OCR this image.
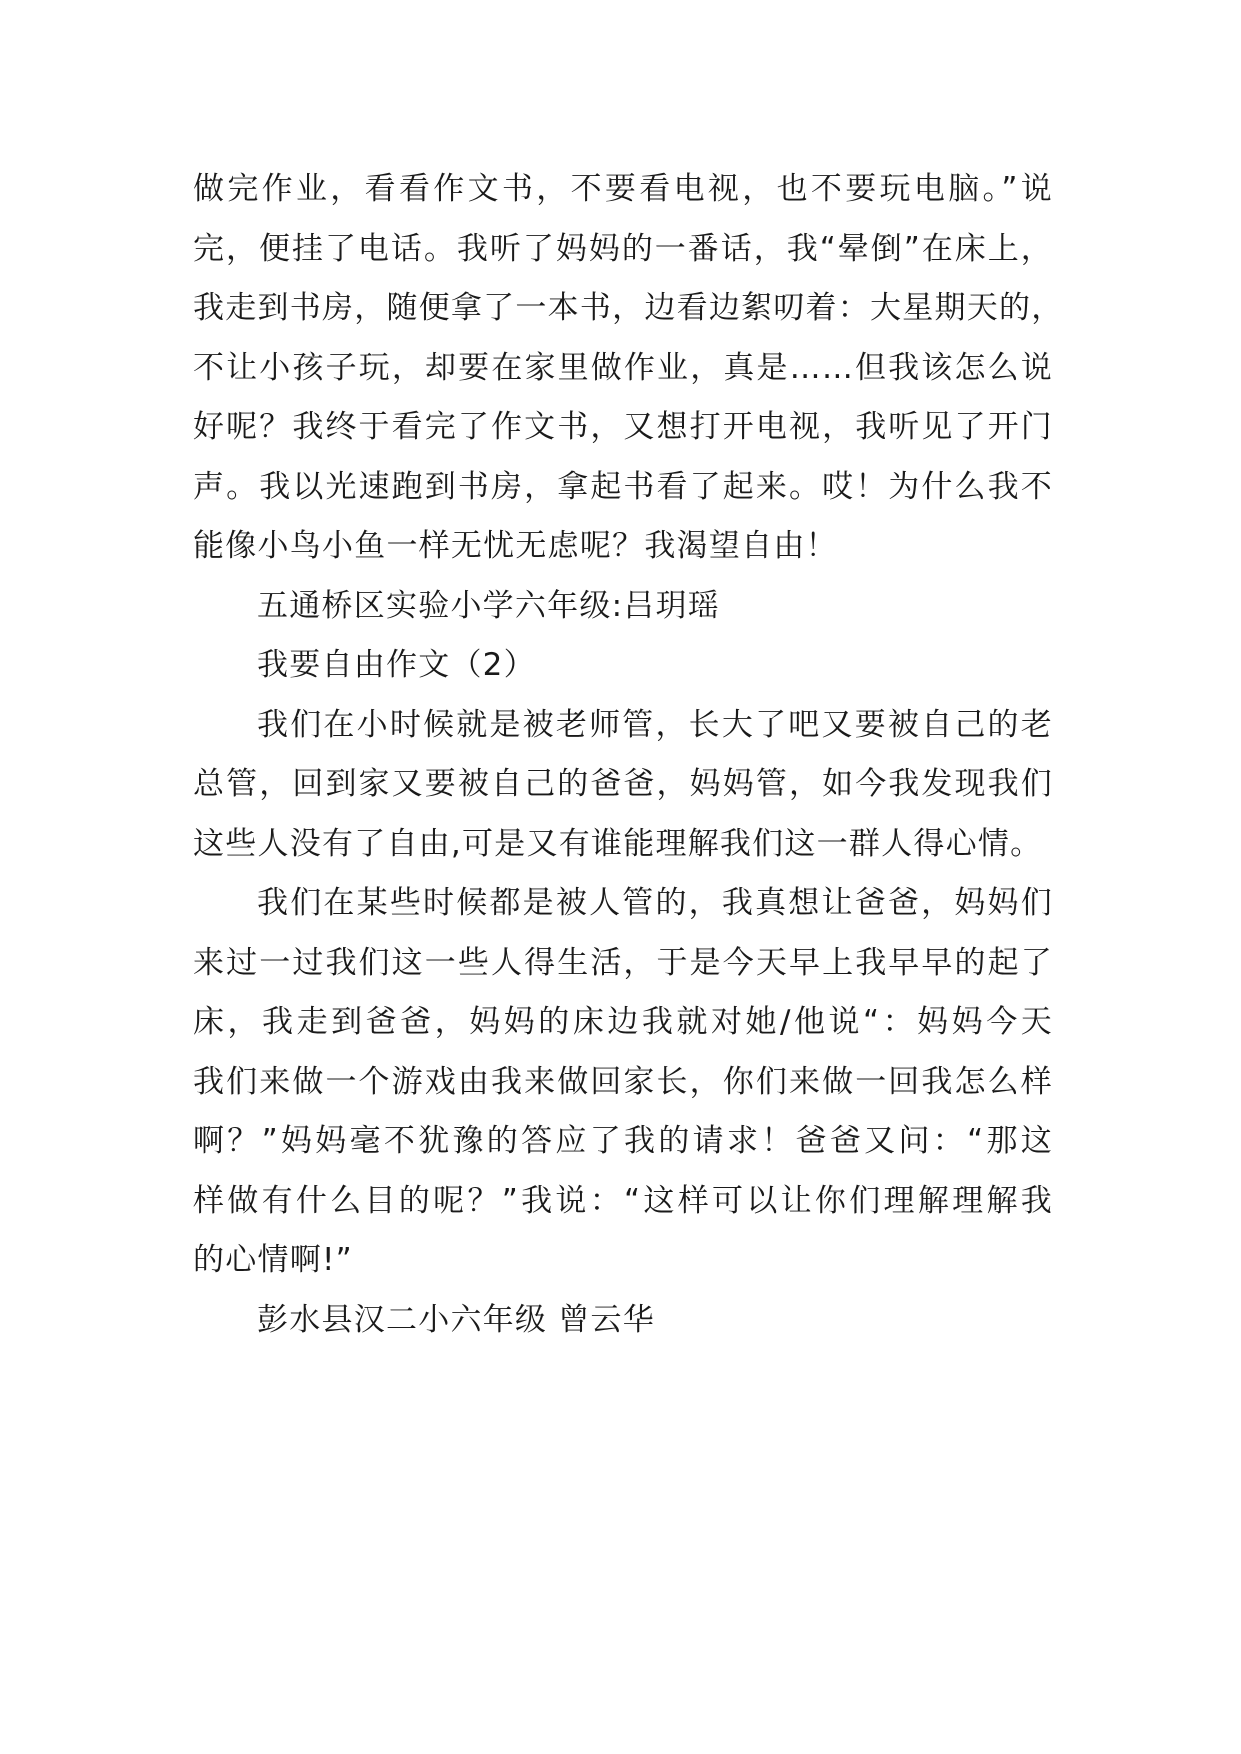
做完作业，看看作文书，不要看电视，也不要玩电脑。”说
完，便挂了电话。我听了妈妈的一番话，我“晕倒”在床上，
我走到书房，随便拿了一本书，边看边絮叨着：大星期天的，
不让小孩子玩，却要在家里做作业，真是……但我该怎么说
好呢？我终于看完了作文书，又想打开电视，我听见了开门
声。我以光速跑到书房，拿起书看了起来。哎！为什么我不
能像小鸟小鱼一样无忧无虑呢？我渴望自由！
五通桥区实验小学六年级:吕玥瑶
我要自由作文（2）
我们在小时候就是被老师管，长大了吧又要被自己的老
总管，回到家又要被自己的爸爸，妈妈管，如今我发现我们
这些人没有了自由,可是又有谁能理解我们这一群人得心情。
我们在某些时候都是被人管的，我真想让爸爸，妈妈们
来过一过我们这一些人得生活，于是今天早上我早早的起了
床，我走到爸爸，妈妈的床边我就对她/他说“：妈妈今天
我们来做一个游戏由我来做回家长，你们来做一回我怎么样
啊？”妈妈毫不犹豫的答应了我的请求！爸爸又问：“那这
样做有什么目的呢？”我说：“这样可以让你们理解理解我
的心情啊!”
彭水县汉二小六年级 曾云华
